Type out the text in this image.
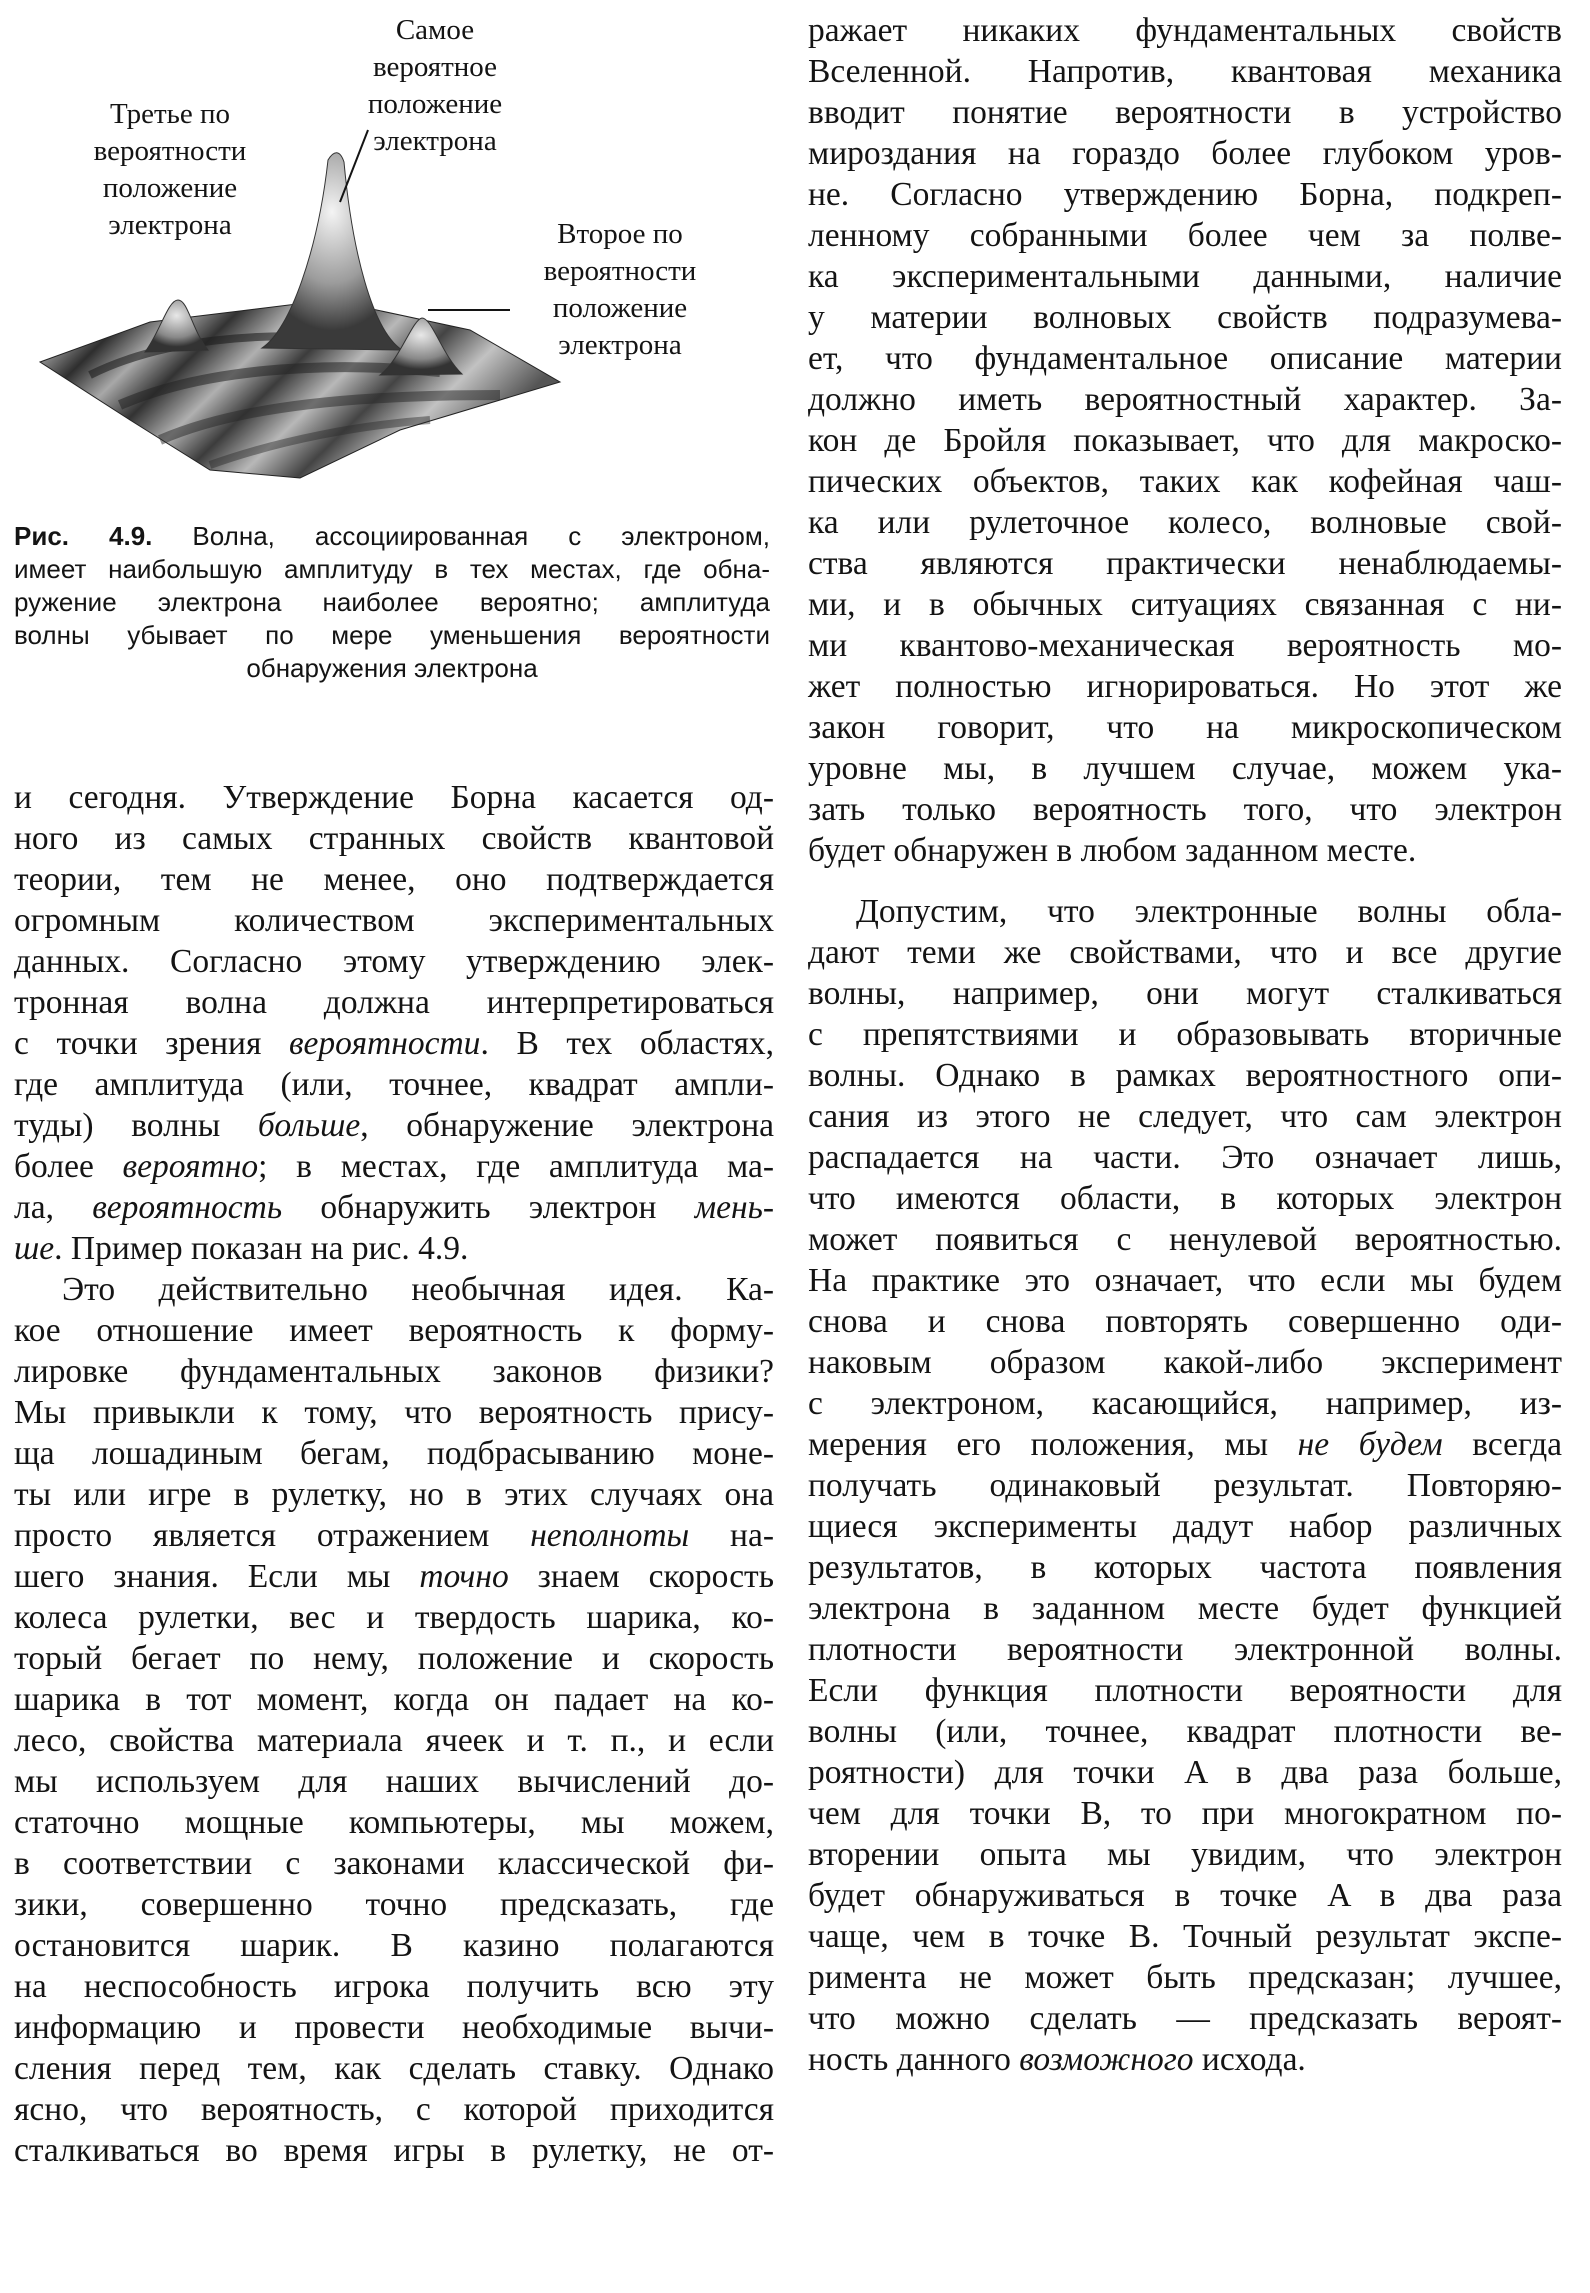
Самое
вероятное
положение
электрона
Третье по
вероятности
положение
электрона	Второе по
вероятности
положение
электрона
Рис. 4.9. Волна, ассоциированная с электроном,
имеет наибольшую амплитуду в тех местах, где обна-
ружение электрона наиболее вероятно; амплитуда
волны убывает по мере уменьшения вероятности
обнаружения электрона
и сегодня. Утверждение Борна касается од-
ного из самых странных свойств квантовой
теории, тем не менее, оно подтверждается
огромным количеством экспериментальных
данных. Согласно этому утверждению элек-
тронная волна должна интерпретироваться
с точки зрения вероятности. В тех областях,
где амплитуда (или, точнее, квадрат ампли-
туды) волны больше, обнаружение электрона
более вероятно; в местах, где амплитуда ма-
ла, вероятность обнаружить электрон мень-
ше. Пример показан на рис. 4.9.
Это действительно необычная идея. Ка-
кое отношение имеет вероятность к форму-
лировке фундаментальных законов физики?
Мы привыкли к тому, что вероятность прису-
ща лошадиным бегам, подбрасыванию моне-
ты или игре в рулетку, но в этих случаях она
просто является отражением неполноты на-
шего знания. Если мы точно знаем скорость
колеса рулетки, вес и твердость шарика, ко-
торый бегает по нему, положение и скорость
шарика в тот момент, когда он падает на ко-
лесо, свойства материала ячеек и т. п., и если
мы используем для наших вычислений до-
статочно мощные компьютеры, мы можем,
в соответствии с законами классической фи-
зики, совершенно точно предсказать, где
остановится шарик. В казино полагаются
на неспособность игрока получить всю эту
информацию и провести необходимые вычи-
сления перед тем, как сделать ставку. Однако
ясно, что вероятность, с которой приходится
сталкиваться во время игры в рулетку, не от-
ражает никаких фундаментальных свойств
Вселенной. Напротив, квантовая механика
вводит понятие вероятности в устройство
мироздания на гораздо более глубоком уров-
не. Согласно утверждению Борна, подкреп-
ленному собранными более чем за полве-
ка экспериментальными данными, наличие
у материи волновых свойств подразумева-
ет, что фундаментальное описание материи
должно иметь вероятностный характер. За-
кон де Бройля показывает, что для макроско-
пических объектов, таких как кофейная чаш-
ка или рулеточное колесо, волновые свой-
ства являются практически ненаблюдаемы-
ми, и в обычных ситуациях связанная с ни-
ми квантово-механическая вероятность мо-
жет полностью игнорироваться. Но этот же
закон говорит, что на микроскопическом
уровне мы, в лучшем случае, можем ука-
зать только вероятность того, что электрон
будет обнаружен в любом заданном месте.
Допустим, что электронные волны обла-
дают теми же свойствами, что и все другие
волны, например, они могут сталкиваться
с препятствиями и образовывать вторичные
волны. Однако в рамках вероятностного опи-
сания из этого не следует, что сам электрон
распадается на части. Это означает лишь,
что имеются области, в которых электрон
может появиться с ненулевой вероятностью.
На практике это означает, что если мы будем
снова и снова повторять совершенно оди-
наковым образом какой-либо эксперимент
с электроном, касающийся, например, из-
мерения его положения, мы не будем всегда
получать одинаковый результат. Повторяю-
щиеся эксперименты дадут набор различных
результатов, в которых частота появления
электрона в заданном месте будет функцией
плотности вероятности электронной волны.
Если функция плотности вероятности для
волны (или, точнее, квадрат плотности ве-
роятности) для точки A в два раза больше,
чем для точки B, то при многократном по-
вторении опыта мы увидим, что электрон
будет обнаруживаться в точке A в два раза
чаще, чем в точке B. Точный результат экспе-
римента не может быть предсказан; лучшее,
что можно сделать — предсказать вероят-
ность данного возможного исхода.
